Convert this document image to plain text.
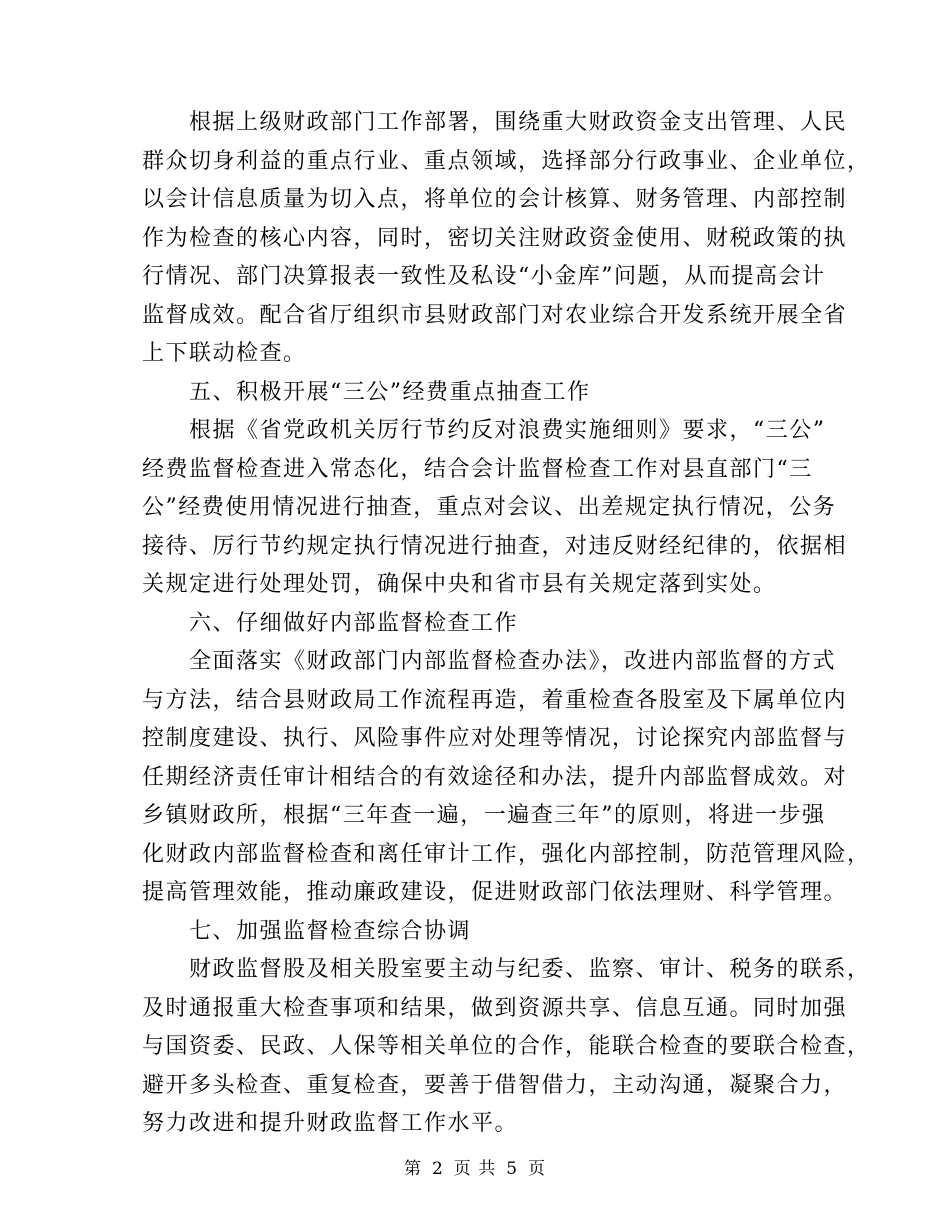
根据上级财政部门工作部署，围绕重大财政资金支出管理、人民
群众切身利益的重点行业、重点领域，选择部分行政事业、企业单位，
以会计信息质量为切入点，将单位的会计核算、财务管理、内部控制
作为检查的核心内容，同时，密切关注财政资金使用、财税政策的执
行情况、部门决算报表一致性及私设“小金库”问题，从而提高会计
监督成效。配合省厅组织市县财政部门对农业综合开发系统开展全省
上下联动检查。
五、积极开展“三公”经费重点抽查工作
根据《省党政机关厉行节约反对浪费实施细则》要求，“三公”
经费监督检查进入常态化，结合会计监督检查工作对县直部门“三
公”经费使用情况进行抽查，重点对会议、出差规定执行情况，公务
接待、厉行节约规定执行情况进行抽查，对违反财经纪律的，依据相
关规定进行处理处罚，确保中央和省市县有关规定落到实处。
六、仔细做好内部监督检查工作
全面落实《财政部门内部监督检查办法》，改进内部监督的方式
与方法，结合县财政局工作流程再造，着重检查各股室及下属单位内
控制度建设、执行、风险事件应对处理等情况，讨论探究内部监督与
任期经济责任审计相结合的有效途径和办法，提升内部监督成效。对
乡镇财政所，根据“三年查一遍，一遍查三年”的原则，将进一步强
化财政内部监督检查和离任审计工作，强化内部控制，防范管理风险，
提高管理效能，推动廉政建设，促进财政部门依法理财、科学管理。
七、加强监督检查综合协调
财政监督股及相关股室要主动与纪委、监察、审计、税务的联系，
及时通报重大检查事项和结果，做到资源共享、信息互通。同时加强
与国资委、民政、人保等相关单位的合作，能联合检查的要联合检查，
避开多头检查、重复检查，要善于借智借力，主动沟通，凝聚合力，
努力改进和提升财政监督工作水平。
第 2 页 共 5 页
